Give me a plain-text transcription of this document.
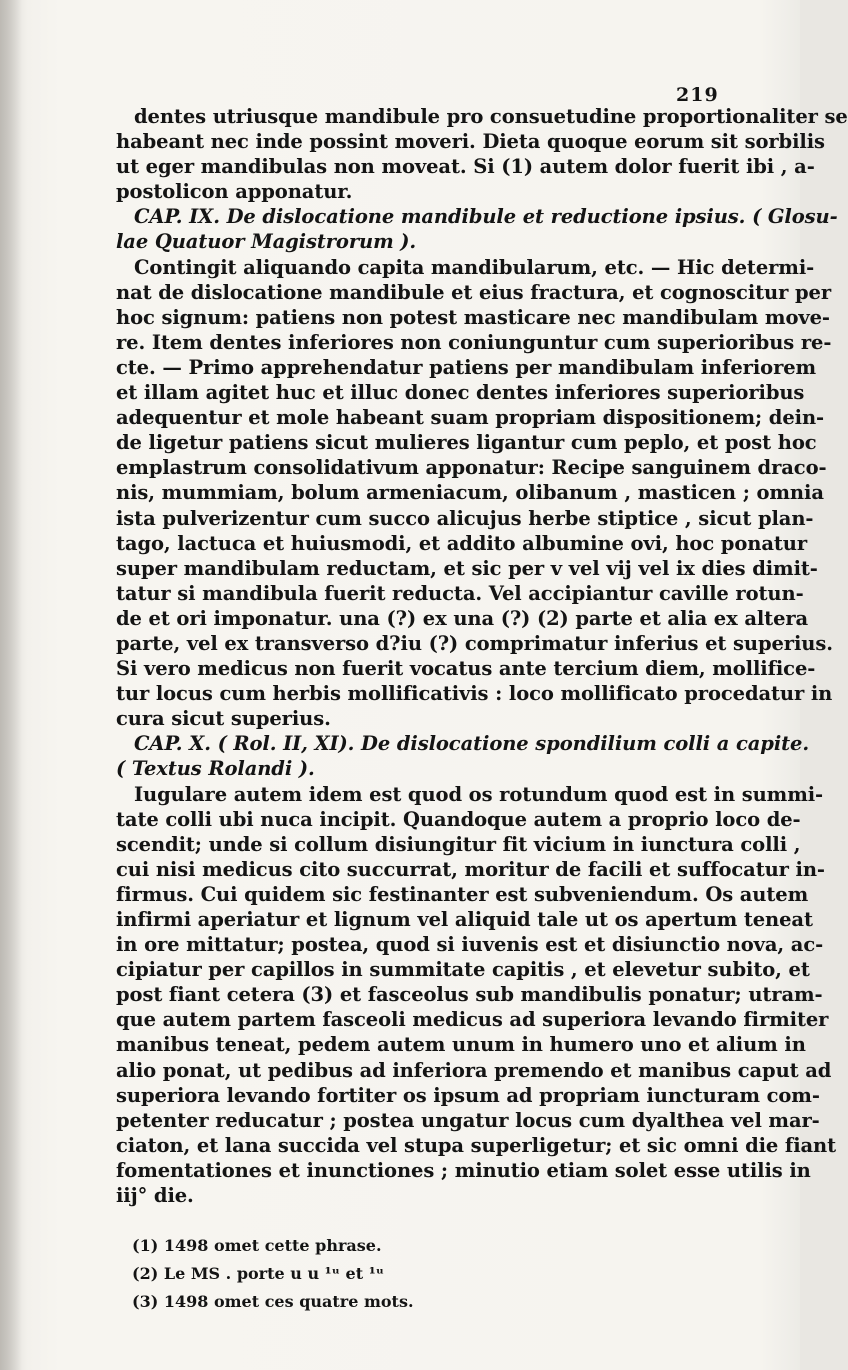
219
dentes utriusque mandibule pro consuetudine proportionaliter se
habeant nec inde possint moveri. Dieta quoque eorum sit sorbilis
ut eger mandibulas non moveat. Si (1) autem dolor fuerit ibi , a-
postolicon apponatur.
CAP. IX. De dislocatione mandibule et reductione ipsius. ( Glosu-
lae Quatuor Magistrorum ).
Contingit aliquando capita mandibularum, etc. — Hic determi-
nat de dislocatione mandibule et eius fractura, et cognoscitur per
hoc signum: patiens non potest masticare nec mandibulam move-
re. Item dentes inferiores non coniunguntur cum superioribus re-
cte. — Primo apprehendatur patiens per mandibulam inferiorem
et illam agitet huc et illuc donec dentes inferiores superioribus
adequentur et mole habeant suam propriam dispositionem; dein-
de ligetur patiens sicut mulieres ligantur cum peplo, et post hoc
emplastrum consolidativum apponatur: Recipe sanguinem draco-
nis, mummiam, bolum armeniacum, olibanum , masticen ; omnia
ista pulverizentur cum succo alicujus herbe stiptice , sicut plan-
tago, lactuca et huiusmodi, et addito albumine ovi, hoc ponatur
super mandibulam reductam, et sic per v vel vij vel ix dies dimit-
tatur si mandibula fuerit reducta. Vel accipiantur caville rotun-
de et ori imponatur. una (?) ex una (?) (2) parte et alia ex altera
parte, vel ex transverso d?iu (?) comprimatur inferius et superius.
Si vero medicus non fuerit vocatus ante tercium diem, mollifice-
tur locus cum herbis mollificativis : loco mollificato procedatur in
cura sicut superius.
CAP. X. ( Rol. II, XI). De dislocatione spondilium colli a capite.
( Textus Rolandi ).
Iugulare autem idem est quod os rotundum quod est in summi-
tate colli ubi nuca incipit. Quandoque autem a proprio loco de-
scendit; unde si collum disiungitur fit vicium in iunctura colli ,
cui nisi medicus cito succurrat, moritur de facili et suffocatur in-
firmus. Cui quidem sic festinanter est subveniendum. Os autem
infirmi aperiatur et lignum vel aliquid tale ut os apertum teneat
in ore mittatur; postea, quod si iuvenis est et disiunctio nova, ac-
cipiatur per capillos in summitate capitis , et elevetur subito, et
post fiant cetera (3) et fasceolus sub mandibulis ponatur; utram-
que autem partem fasceoli medicus ad superiora levando firmiter
manibus teneat, pedem autem unum in humero uno et alium in
alio ponat, ut pedibus ad inferiora premendo et manibus caput ad
superiora levando fortiter os ipsum ad propriam iuncturam com-
petenter reducatur ; postea ungatur locus cum dyalthea vel mar-
ciaton, et lana succida vel stupa superligetur; et sic omni die fiant
fomentationes et inunctiones ; minutio etiam solet esse utilis in
iij° die.
(1) 1498 omet cette phrase.
(2) Le MS . porte u u ¹ᵘ et ¹ᵘ
(3) 1498 omet ces quatre mots.
